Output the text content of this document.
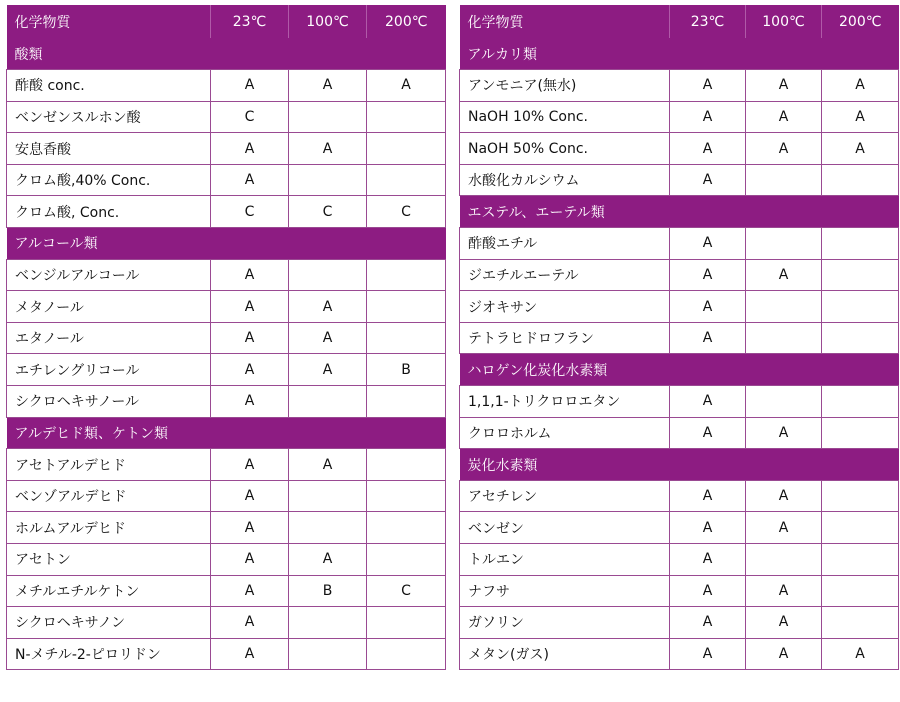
化学物質	23℃	100℃	200℃
酸類			
酢酸 conc.	A	A	A
ベンゼンスルホン酸	C		
安息香酸	A	A	
クロム酸,40% Conc.	A		
クロム酸, Conc.	C	C	C
アルコール類			
ベンジルアルコール	A		
メタノール	A	A	
エタノール	A	A	
エチレングリコール	A	A	B
シクロヘキサノール	A		
アルデヒド類、ケトン類			
アセトアルデヒド	A	A	
ベンゾアルデヒド	A		
ホルムアルデヒド	A		
アセトン	A	A	
メチルエチルケトン	A	B	C
シクロヘキサノン	A		
N-メチル-2-ピロリドン	A		
化学物質	23℃	100℃	200℃
アルカリ類			
アンモニア(無水)	A	A	A
NaOH 10% Conc.	A	A	A
NaOH 50% Conc.	A	A	A
水酸化カルシウム	A		
エステル、エーテル類			
酢酸エチル	A		
ジエチルエーテル	A	A	
ジオキサン	A		
テトラヒドロフラン	A		
ハロゲン化炭化水素類			
1,1,1-トリクロロエタン	A		
クロロホルム	A	A	
炭化水素類			
アセチレン	A	A	
ベンゼン	A	A	
トルエン	A		
ナフサ	A	A	
ガソリン	A	A	
メタン(ガス)	A	A	A
